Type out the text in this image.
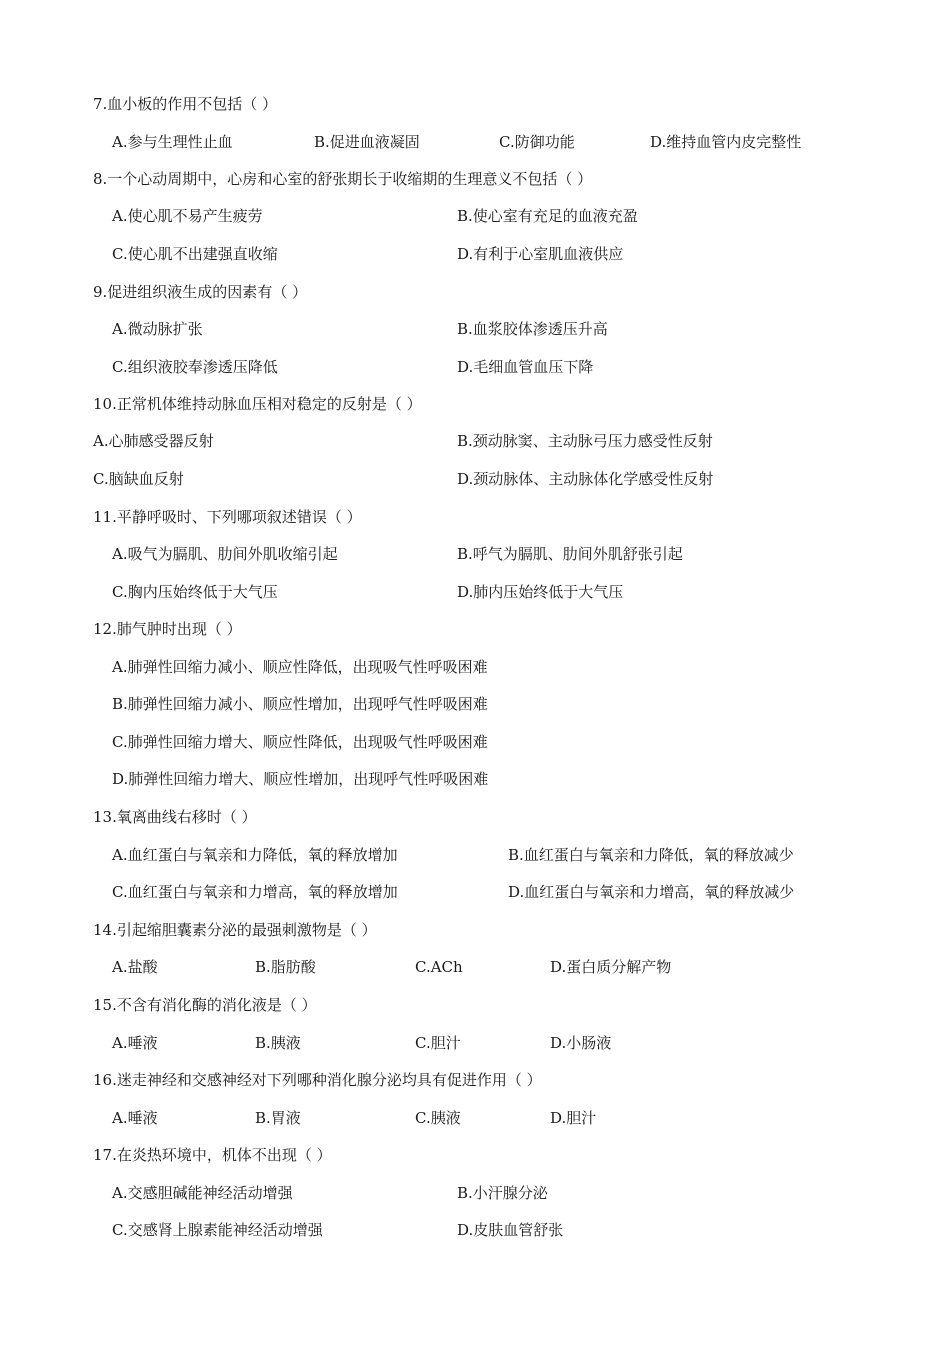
7.血小板的作用不包括（ ）
A.参与生理性止血	B.促进血液凝固	C.防御功能	D.维持血管内皮完整性
8.一个心动周期中，心房和心室的舒张期长于收缩期的生理意义不包括（ ）
A.使心肌不易产生疲劳	B.使心室有充足的血液充盈
C.使心肌不出建强直收缩	D.有利于心室肌血液供应
9.促进组织液生成的因素有（ ）
A.微动脉扩张	B.血浆胶体渗透压升高
C.组织液胶奉渗透压降低	D.毛细血管血压下降
10.正常机体维持动脉血压相对稳定的反射是（ ）
A.心肺感受器反射	B.颈动脉窦、主动脉弓压力感受性反射
C.脑缺血反射	D.颈动脉体、主动脉体化学感受性反射
11.平静呼吸时、下列哪项叙述错误（ ）
A.吸气为膈肌、肋间外肌收缩引起	B.呼气为膈肌、肋间外肌舒张引起
C.胸内压始终低于大气压	D.肺内压始终低于大气压
12.肺气肿时出现（ ）
A.肺弹性回缩力减小、顺应性降低，出现吸气性呼吸困难
B.肺弹性回缩力减小、顺应性增加，出现呼气性呼吸困难
C.肺弹性回缩力增大、顺应性降低，出现吸气性呼吸困难
D.肺弹性回缩力增大、顺应性增加，出现呼气性呼吸困难
13.氧离曲线右移时（ ）
A.血红蛋白与氧亲和力降低，氧的释放增加	B.血红蛋白与氧亲和力降低，氧的释放减少
C.血红蛋白与氧亲和力增高，氧的释放增加	D.血红蛋白与氧亲和力增高，氧的释放减少
14.引起缩胆囊素分泌的最强刺激物是（ ）
A.盐酸	B.脂肪酸	C.ACh	D.蛋白质分解产物
15.不含有消化酶的消化液是（ ）
A.唾液	B.胰液	C.胆汁	D.小肠液
16.迷走神经和交感神经对下列哪种消化腺分泌均具有促进作用（ ）
A.唾液	B.胃液	C.胰液	D.胆汁
17.在炎热环境中，机体不出现（ ）
A.交感胆碱能神经活动增强	B.小汗腺分泌
C.交感肾上腺素能神经活动增强	D.皮肤血管舒张
